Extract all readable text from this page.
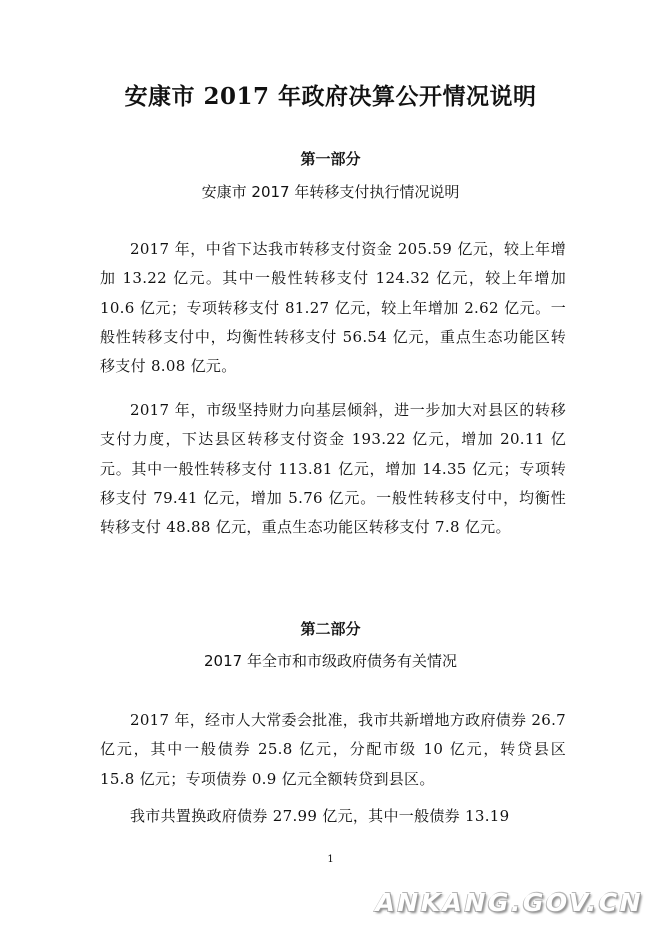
安康市 2017 年政府决算公开情况说明
第一部分
安康市 2017 年转移支付执行情况说明

2017 年，中省下达我市转移支付资金 205.59 亿元，较上年增加 13.22 亿元。其中一般性转移支付 124.32 亿元，较上年增加 10.6 亿元；专项转移支付 81.27 亿元，较上年增加 2.62 亿元。一般性转移支付中，均衡性转移支付 56.54 亿元，重点生态功能区转移支付 8.08 亿元。

2017 年，市级坚持财力向基层倾斜，进一步加大对县区的转移支付力度，下达县区转移支付资金 193.22 亿元，增加 20.11 亿元。其中一般性转移支付 113.81 亿元，增加 14.35 亿元；专项转移支付 79.41 亿元，增加 5.76 亿元。一般性转移支付中，均衡性转移支付 48.88 亿元，重点生态功能区转移支付 7.8 亿元。

第二部分
2017 年全市和市级政府债务有关情况

2017 年，经市人大常委会批准，我市共新增地方政府债券 26.7 亿元，其中一般债券 25.8 亿元，分配市级 10 亿元，转贷县区 15.8 亿元；专项债券 0.9 亿元全额转贷到县区。

我市共置换政府债券 27.99 亿元，其中一般债券 13.19

1
ANKANG.GOV.CN
